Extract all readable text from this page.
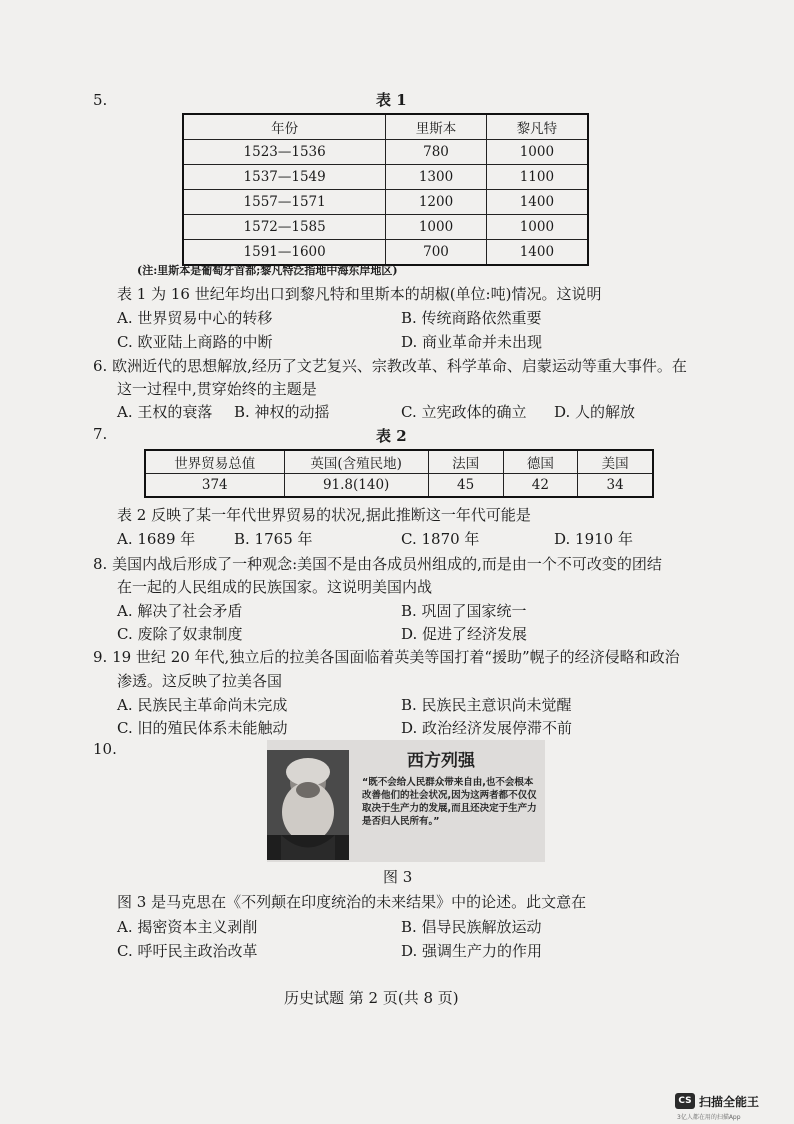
5.	表 1
年份	里斯本	黎凡特
1523—1536	780	1000
1537—1549	1300	1100
1557—1571	1200	1400
1572—1585	1000	1000
1591—1600	700	1400
(注:里斯本是葡萄牙首都;黎凡特泛指地中海东岸地区)
表 1 为 16 世纪年均出口到黎凡特和里斯本的胡椒(单位:吨)情况。这说明
A. 世界贸易中心的转移	B. 传统商路依然重要
C. 欧亚陆上商路的中断	D. 商业革命并未出现
6. 欧洲近代的思想解放,经历了文艺复兴、宗教改革、科学革命、启蒙运动等重大事件。在
这一过程中,贯穿始终的主题是
A. 王权的衰落 B. 神权的动摇	C. 立宪政体的确立 D. 人的解放
7.	表 2
世界贸易总值	英国(含殖民地)	法国	德国	美国
374	91.8(140)	45	42	34
表 2 反映了某一年代世界贸易的状况,据此推断这一年代可能是
A. 1689 年	B. 1765 年	C. 1870 年	D. 1910 年
8. 美国内战后形成了一种观念:美国不是由各成员州组成的,而是由一个不可改变的团结
在一起的人民组成的民族国家。这说明美国内战
A. 解决了社会矛盾	B. 巩固了国家统一
C. 废除了奴隶制度	D. 促进了经济发展
9. 19 世纪 20 年代,独立后的拉美各国面临着英美等国打着“援助”幌子的经济侵略和政治
渗透。这反映了拉美各国
A. 民族民主革命尚未完成	B. 民族民主意识尚未觉醒
C. 旧的殖民体系未能触动	D. 政治经济发展停滞不前
10.
西方列强
“既不会给人民群众带来自由,也不会根本改善他们的社会状况,因为这两者都不仅仅取决于生产力的发展,而且还决定于生产力是否归人民所有。”
图 3
图 3 是马克思在《不列颠在印度统治的未来结果》中的论述。此文意在
A. 揭密资本主义剥削	B. 倡导民族解放运动
C. 呼吁民主政治改革	D. 强调生产力的作用
历史试题 第 2 页(共 8 页)
CS 扫描全能王
3亿人都在用的扫描App
